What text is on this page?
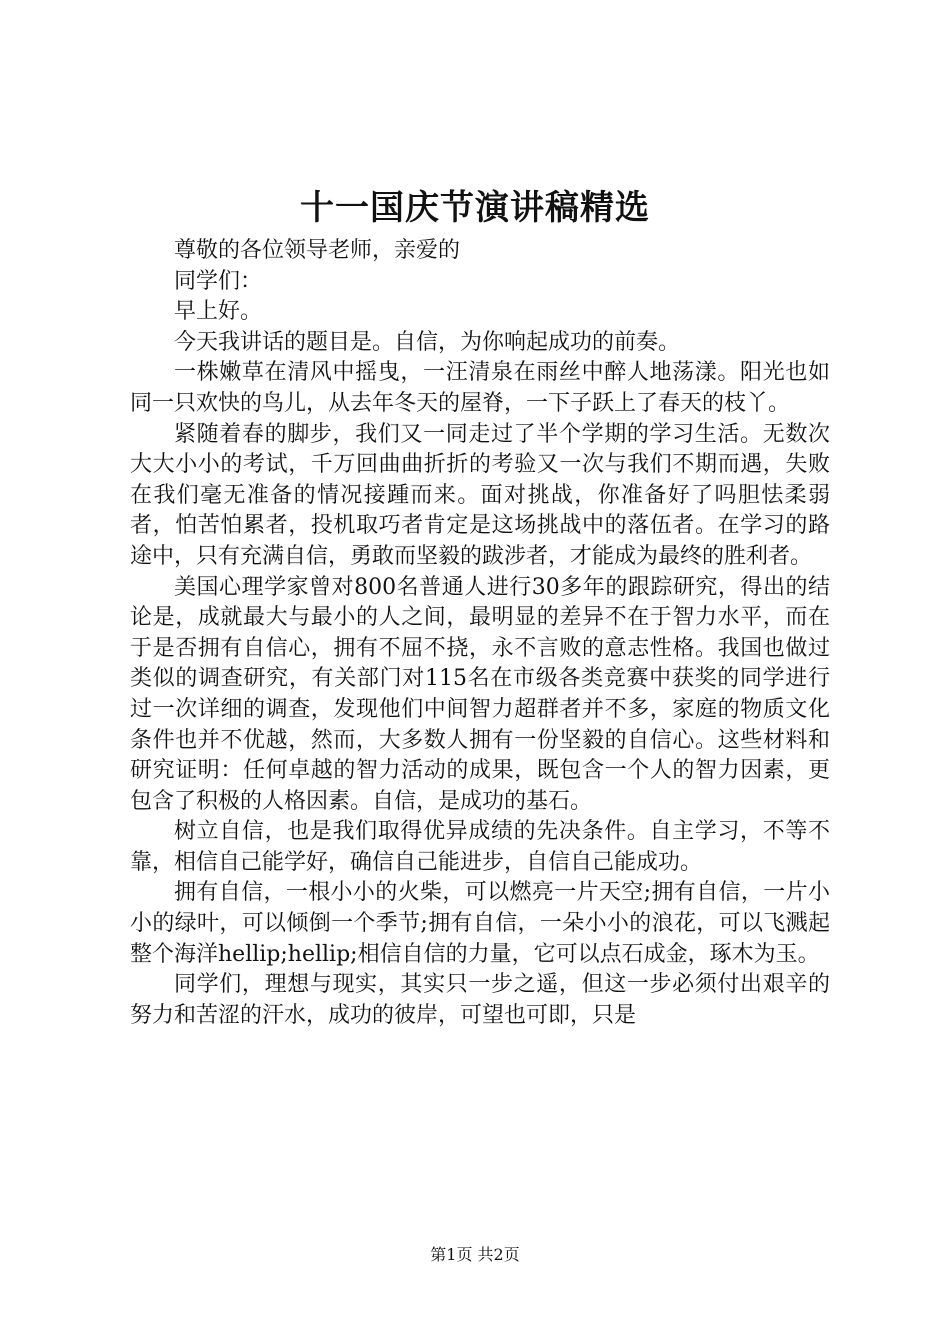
十一国庆节演讲稿精选

尊敬的各位领导老师，亲爱的

同学们：

早上好。

今天我讲话的题目是。自信，为你响起成功的前奏。

一株嫩草在清风中摇曳，一汪清泉在雨丝中醉人地荡漾。阳光也如同一只欢快的鸟儿，从去年冬天的屋脊，一下子跃上了春天的枝丫。

紧随着春的脚步，我们又一同走过了半个学期的学习生活。无数次大大小小的考试，千万回曲曲折折的考验又一次与我们不期而遇，失败在我们毫无准备的情况接踵而来。面对挑战，你准备好了吗胆怯柔弱者，怕苦怕累者，投机取巧者肯定是这场挑战中的落伍者。在学习的路途中，只有充满自信，勇敢而坚毅的跋涉者，才能成为最终的胜利者。

美国心理学家曾对800名普通人进行30多年的跟踪研究，得出的结论是，成就最大与最小的人之间，最明显的差异不在于智力水平，而在于是否拥有自信心，拥有不屈不挠，永不言败的意志性格。我国也做过类似的调查研究，有关部门对115名在市级各类竞赛中获奖的同学进行过一次详细的调查，发现他们中间智力超群者并不多，家庭的物质文化条件也并不优越，然而，大多数人拥有一份坚毅的自信心。这些材料和研究证明：任何卓越的智力活动的成果，既包含一个人的智力因素，更包含了积极的人格因素。自信，是成功的基石。

树立自信，也是我们取得优异成绩的先决条件。自主学习，不等不靠，相信自己能学好，确信自己能进步，自信自己能成功。

拥有自信，一根小小的火柴，可以燃亮一片天空;拥有自信，一片小小的绿叶，可以倾倒一个季节;拥有自信，一朵小小的浪花，可以飞溅起整个海洋hellip;hellip;相信自信的力量，它可以点石成金，琢木为玉。

同学们，理想与现实，其实只一步之遥，但这一步必须付出艰辛的努力和苦涩的汗水，成功的彼岸，可望也可即，只是

第1页 共2页
